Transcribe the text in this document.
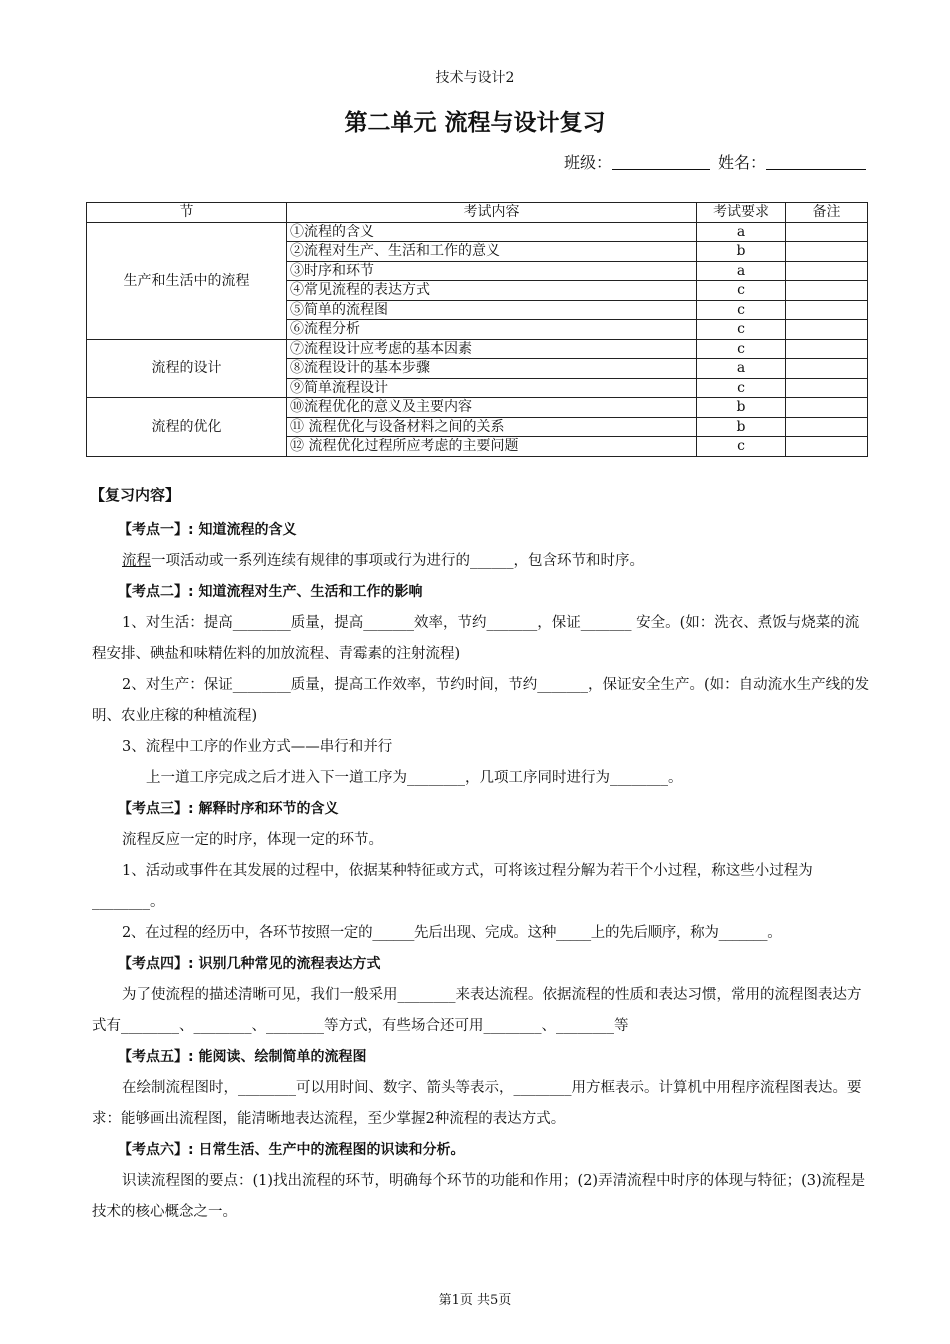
技术与设计2
第二单元 流程与设计复习
班级：	姓名：
节	考试内容	考试要求	备注
生产和生活中的流程	①流程的含义	a	
	②流程对生产、生活和工作的意义	b	
	③时序和环节	a	
	④常见流程的表达方式	c	
	⑤简单的流程图	c	
	⑥流程分析	c	
流程的设计	⑦流程设计应考虑的基本因素	c	
	⑧流程设计的基本步骤	a	
	⑨简单流程设计	c	
流程的优化	⑩流程优化的意义及主要内容	b	
	⑪ 流程优化与设备材料之间的关系	b	
	⑫ 流程优化过程所应考虑的主要问题	c	
【复习内容】
【考点一】: 知道流程的含义

流程一项活动或一系列连续有规律的事项或行为进行的______，包含环节和时序。

【考点二】: 知道流程对生产、生活和工作的影响

1、对生活：提高________质量，提高_______效率，节约_______，保证_______ 安全。(如：洗衣、煮饭与烧菜的流程安排、碘盐和味精佐料的加放流程、青霉素的注射流程)

2、对生产：保证________质量，提高工作效率，节约时间，节约_______，保证安全生产。(如：自动流水生产线的发明、农业庄稼的种植流程)

3、流程中工序的作业方式——串行和并行

上一道工序完成之后才进入下一道工序为________，几项工序同时进行为________。

【考点三】: 解释时序和环节的含义

流程反应一定的时序，体现一定的环节。

1、活动或事件在其发展的过程中，依据某种特征或方式，可将该过程分解为若干个小过程，称这些小过程为________。

2、在过程的经历中，各环节按照一定的______先后出现、完成。这种_____上的先后顺序，称为_______。

【考点四】: 识别几种常见的流程表达方式

为了使流程的描述清晰可见，我们一般采用________来表达流程。依据流程的性质和表达习惯，常用的流程图表达方式有________、________、________等方式，有些场合还可用________、________等

【考点五】: 能阅读、绘制简单的流程图

在绘制流程图时，________可以用时间、数字、箭头等表示，________用方框表示。计算机中用程序流程图表达。要求：能够画出流程图，能清晰地表达流程，至少掌握2种流程的表达方式。

【考点六】: 日常生活、生产中的流程图的识读和分析。

识读流程图的要点：(1)找出流程的环节，明确每个环节的功能和作用；(2)弄清流程中时序的体现与特征；(3)流程是技术的核心概念之一。

第1页 共5页
